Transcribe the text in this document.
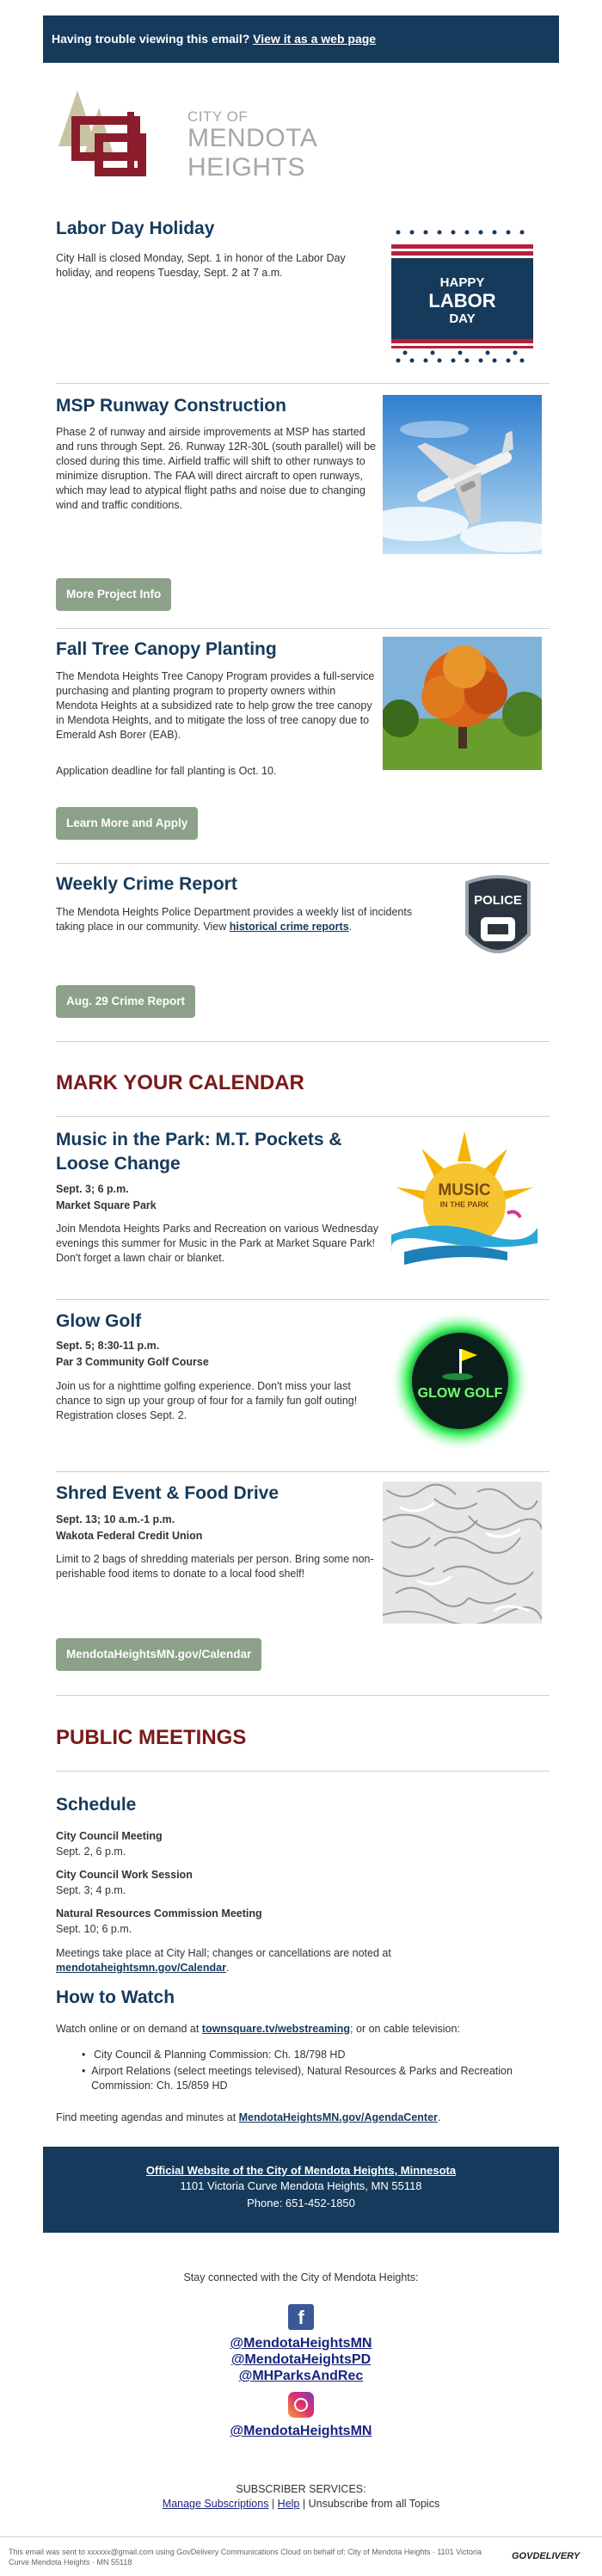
Having trouble viewing this email? View it as a web page
CITY OF
MENDOTA HEIGHTS
Labor Day Holiday

City Hall is closed Monday, Sept. 1 in honor of the Labor Day holiday, and reopens Tuesday, Sept. 2 at 7 a.m.

HAPPY
LABOR
DAY
MSP Runway Construction

Phase 2 of runway and airside improvements at MSP has started and runs through Sept. 26. Runway 12R-30L (south parallel) will be closed during this time. Airfield traffic will shift to other runways to minimize disruption. The FAA will direct aircraft to open runways, which may lead to atypical flight paths and noise due to changing wind and traffic conditions.

More Project Info
Fall Tree Canopy Planting

The Mendota Heights Tree Canopy Program provides a full-service purchasing and planting program to property owners within Mendota Heights at a subsidized rate to help grow the tree canopy in Mendota Heights, and to mitigate the loss of tree canopy due to Emerald Ash Borer (EAB).

Application deadline for fall planting is Oct. 10.

Learn More and Apply
Weekly Crime Report

The Mendota Heights Police Department provides a weekly list of incidents taking place in our community. View historical crime reports.

POLICE
Aug. 29 Crime Report
MARK YOUR CALENDAR
Music in the Park: M.T. Pockets & Loose Change

Sept. 3; 6 p.m.

Market Square Park

Join Mendota Heights Parks and Recreation on various Wednesday evenings this summer for Music in the Park at Market Square Park! Don't forget a lawn chair or blanket.

MUSIC
IN THE PARK
Glow Golf

Sept. 5; 8:30-11 p.m.

Par 3 Community Golf Course

Join us for a nighttime golfing experience. Don't miss your last chance to sign up your group of four for a family fun golf outing! Registration closes Sept. 2.

GLOW GOLF
Shred Event & Food Drive

Sept. 13; 10 a.m.-1 p.m.

Wakota Federal Credit Union

Limit to 2 bags of shredding materials per person. Bring some non-perishable food items to donate to a local food shelf!

MendotaHeightsMN.gov/Calendar
PUBLIC MEETINGS
Schedule

City Council Meeting

Sept. 2, 6 p.m.

City Council Work Session

Sept. 3; 4 p.m.

Natural Resources Commission Meeting

Sept. 10; 6 p.m.

Meetings take place at City Hall; changes or cancellations are noted at mendotaheightsmn.gov/Calendar.

How to Watch

Watch online or on demand at townsquare.tv/webstreaming; or on cable television:

• City Council & Planning Commission: Ch. 18/798 HD
• Airport Relations (select meetings televised), Natural Resources & Parks and Recreation Commission: Ch. 15/859 HD

Find meeting agendas and minutes at MendotaHeightsMN.gov/AgendaCenter.

Official Website of the City of Mendota Heights, Minnesota
1101 Victoria Curve Mendota Heights, MN 55118
Phone: 651-452-1850
Stay connected with the City of Mendota Heights:
f
@MendotaHeightsMN
@MendotaHeightsPD
@MHParksAndRec
@MendotaHeightsMN
SUBSCRIBER SERVICES:
Manage Subscriptions | Help | Unsubscribe from all Topics
This email was sent to xxxxxx@gmail.com using GovDelivery Communications Cloud on behalf of: City of Mendota Heights · 1101 Victoria Curve Mendota Heights · MN 55118
GOVDELIVERY
